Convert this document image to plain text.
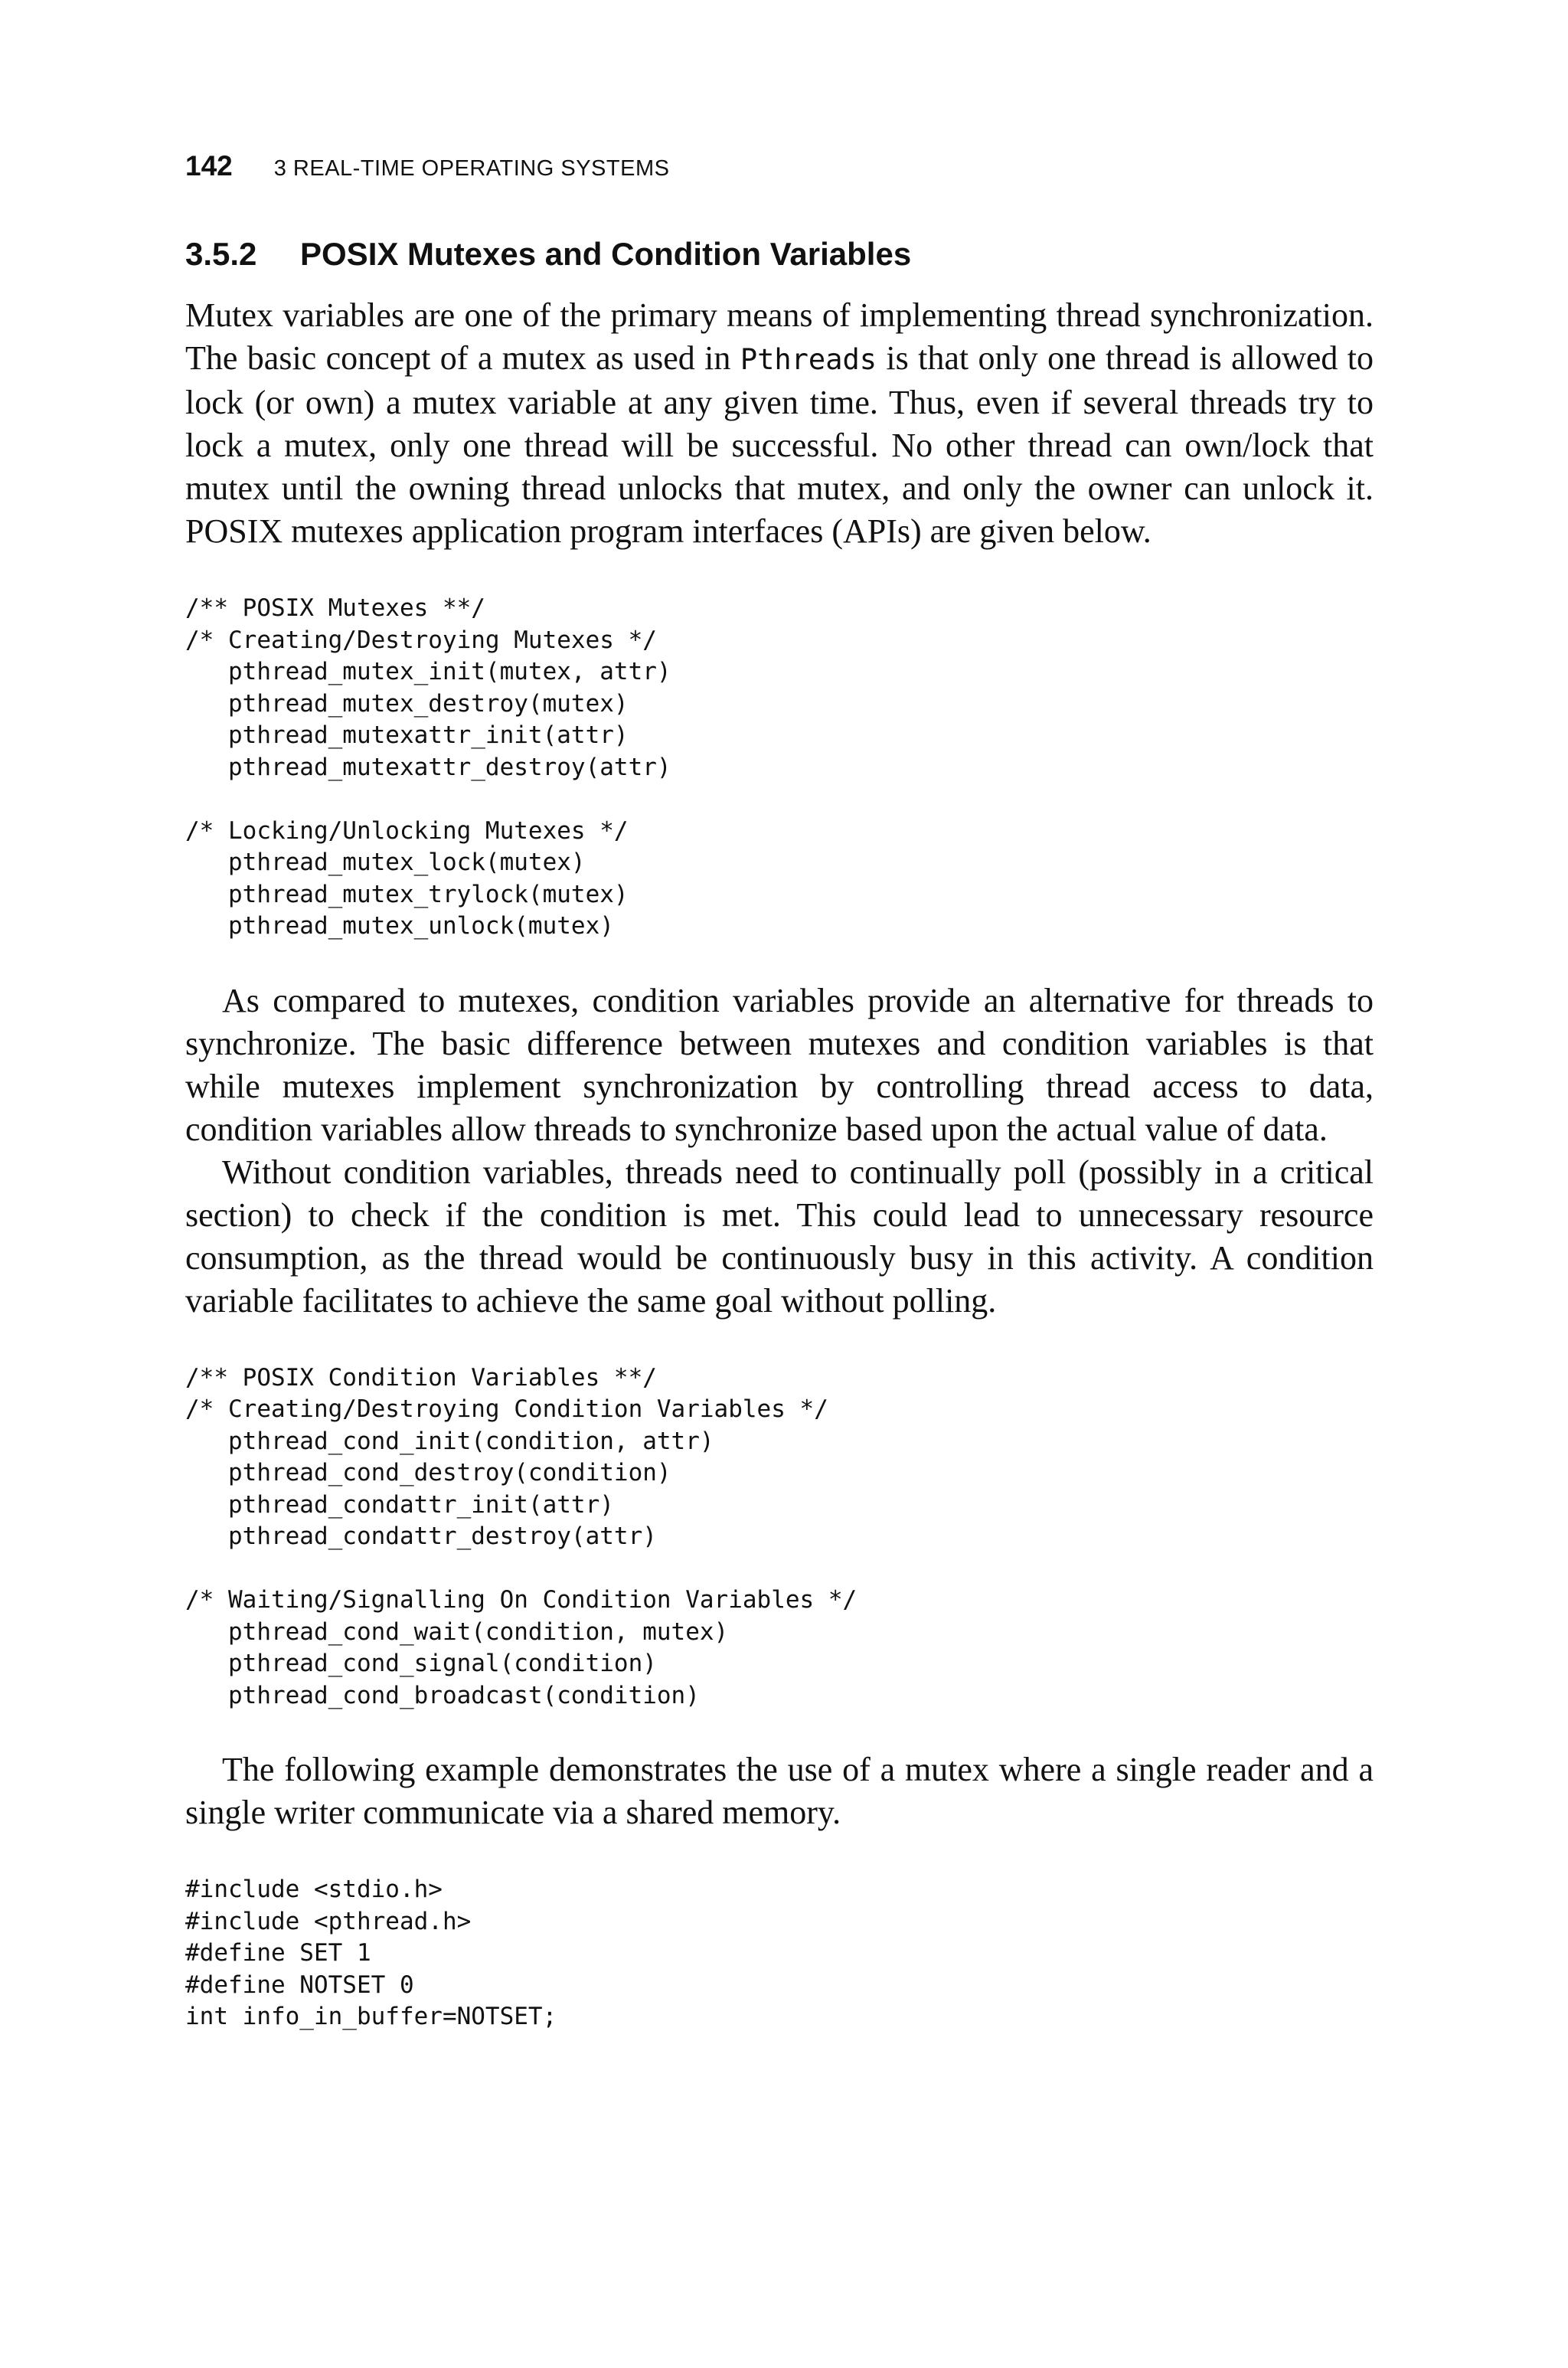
142 3 REAL-TIME OPERATING SYSTEMS
3.5.2 POSIX Mutexes and Condition Variables

Mutex variables are one of the primary means of implementing thread synchronization. The basic concept of a mutex as used in Pthreads is that only one thread is allowed to lock (or own) a mutex variable at any given time. Thus, even if several threads try to lock a mutex, only one thread will be successful. No other thread can own/lock that mutex until the owning thread unlocks that mutex, and only the owner can unlock it. POSIX mutexes application program interfaces (APIs) are given below.

/** POSIX Mutexes **/
/* Creating/Destroying Mutexes */
pthread_mutex_init(mutex, attr)
pthread_mutex_destroy(mutex)
pthread_mutexattr_init(attr)
pthread_mutexattr_destroy(attr)
/* Locking/Unlocking Mutexes */
pthread_mutex_lock(mutex)
pthread_mutex_trylock(mutex)
pthread_mutex_unlock(mutex)

As compared to mutexes, condition variables provide an alternative for threads to synchronize. The basic difference between mutexes and condition variables is that while mutexes implement synchronization by controlling thread access to data, condition variables allow threads to synchronize based upon the actual value of data.

Without condition variables, threads need to continually poll (possibly in a critical section) to check if the condition is met. This could lead to unnecessary resource consumption, as the thread would be continuously busy in this activity. A condition variable facilitates to achieve the same goal without polling.

/** POSIX Condition Variables **/
/* Creating/Destroying Condition Variables */
pthread_cond_init(condition, attr)
pthread_cond_destroy(condition)
pthread_condattr_init(attr)
pthread_condattr_destroy(attr)
/* Waiting/Signalling On Condition Variables */
pthread_cond_wait(condition, mutex)
pthread_cond_signal(condition)
pthread_cond_broadcast(condition)

The following example demonstrates the use of a mutex where a single reader and a single writer communicate via a shared memory.

#include <stdio.h>
#include <pthread.h>
#define SET 1
#define NOTSET 0
int info_in_buffer=NOTSET;
